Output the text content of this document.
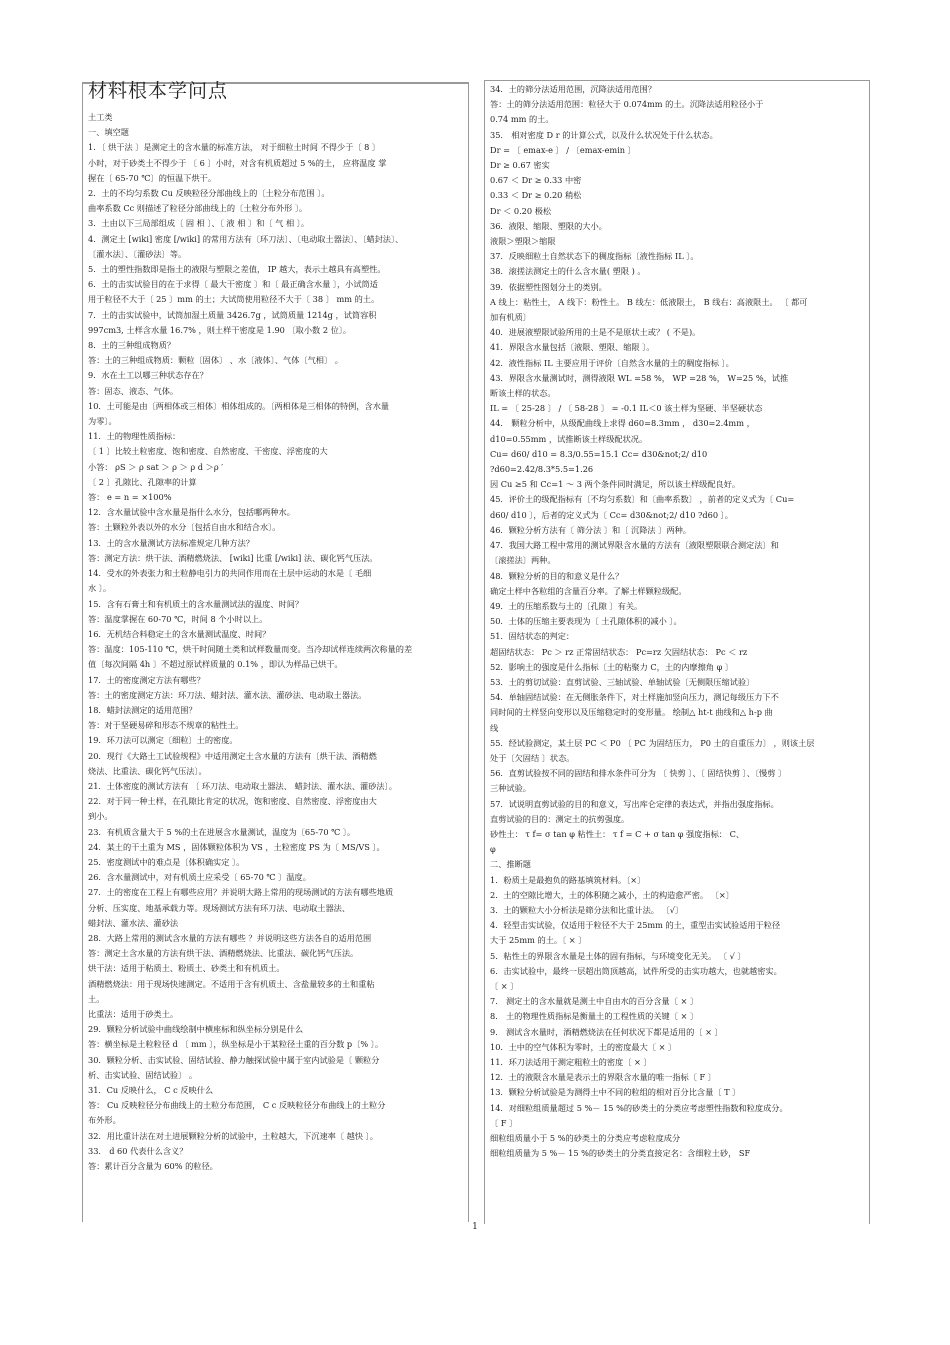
材料根本学问点
土工类
一、填空题
1．〔 烘干法 〕是测定土的含水量的标准方法， 对于细粒土时间 不得少于〔 8 〕
小时，对于砂类土不得少于 〔 6 〕小时，对含有机质超过 5 %的土， 应将温度 掌
握在〔 65-70 ℃〕的恒温下烘干。
2．土的不均匀系数 Cu 反映粒径分部曲线上的〔土粒分布范围 〕。
曲率系数 Cc 则描述了粒径分部曲线上的〔土粒分布外形 〕。
3．土由以下三局部组成〔 固 相 〕、〔 液 相 〕和〔 气 相 〕。
4．测定土 [wiki] 密度 [/wiki] 的常用方法有〔环刀法〕、〔电动取土器法〕、〔蜡封法〕、
〔灌水法〕、〔灌砂法〕等。
5．土的塑性指数即是指土的液限与塑限之差值， IP 越大，表示土越具有高塑性。
6．土的击实试验目的在于求得〔 最大干密度 〕和〔 最正确含水量 〕，小试筒适
用于粒径不大于〔 25 〕mm 的土；大试筒使用粒径不大于〔 38 〕 mm 的土。
7．土的击实试验中，试筒加湿土质量 3426.7g ，试筒质量 1214g ，试筒容积
997cm3, 土样含水量 16.7% ，则土样干密度是 1.90 〔取小数 2 位〕。
8．土的三种组成物质？
答：土的三种组成物质：颗粒〔固体〕 、水〔液体〕、气体〔气相〕 。
9．水在土工以哪三种状态存在？
答：固态、液态、气体。
10．土可能是由〔两相体或三相体〕相体组成的。〔两相体是三相体的特例，含水量
为零〕。
11．土的物理性质指标：
〔 1 〕比较土粒密度、饱和密度、自然密度、干密度、浮密度的大
小答： ρS ＞ ρ sat ＞ ρ ＞ ρ d ＞ρ ′
〔 2 〕孔隙比、孔隙率的计算
答： e = n = ×100%
12．含水量试验中含水量是指什么水分，包括哪两种水。
答：土颗粒外表以外的水分〔包括自由水和结合水〕。
13．土的含水量测试方法标准规定几种方法？
答：测定方法：烘干法、酒精燃烧法、 [wiki] 比重 [/wiki] 法、碳化钙气压法。
14．受水的外表张力和土粒静电引力的共同作用而在土层中运动的水是〔 毛细
水 〕。
15．含有石膏土和有机质土的含水量测试法的温度、时间？
答：温度掌握在 60-70 ℃，时间 8 个小时以上。
16．无机结合料稳定土的含水量测试温度、时间？
答：温度：105-110 ℃，烘干时间随土类和试样数量而变。当冷却试样连续两次称量的差
值〔每次间隔 4h 〕不超过原试样质量的 0.1% ，即认为样品已烘干。
17．土的密度测定方法有哪些？
答：土的密度测定方法：环刀法、蜡封法、灌水法、灌砂法、电动取土器法。
18．蜡封法测定的适用范围？
答：对于坚硬易碎和形态不规章的粘性土。
19．环刀法可以测定〔细粒〕土的密度。
20．现行《大路土工试验规程》中适用测定土含水量的方法有〔烘干法、酒精燃
烧法、比重法、碳化钙气压法〕。
21．土体密度的测试方法有 〔 环刀法、电动取土器法、 蜡封法、灌水法、灌砂法〕。
22．对于同一种土样，在孔隙比肯定的状况，饱和密度、自然密度、浮密度由大
到小。
23．有机质含量大于 5 %的土在进展含水量测试，温度为〔65-70 ℃ 〕。
24．某土的干土重为 MS ，固体颗粒体积为 VS ，土粒密度 PS 为〔 MS/VS 〕。
25．密度测试中的难点是〔体积确实定 〕。
26．含水量测试中，对有机质土应采受〔 65-70 ℃ 〕温度。
27．土的密度在工程上有哪些应用？并说明大路上常用的现场测试的方法有哪些地质
分析、压实度、地基承载力等。现场测试方法有环刀法、电动取土器法、
蜡封法、灌水法、灌砂法
28．大路上常用的测试含水量的方法有哪些 ？并说明这些方法各自的适用范围
答：测定土含水量的方法有烘干法、酒精燃烧法、比重法、碳化钙气压法。
烘干法：适用于粘质土、粉质土、砂类土和有机质土。
酒精燃烧法：用于现场快速测定。不适用于含有机质土、含盐量较多的土和重粘
土。
比重法：适用于砂类土。
29．颗粒分析试验中曲线绘制中横座标和纵坐标分别是什么
答：横坐标是土粒粒径 d 〔 mm 〕，纵坐标是小于某粒径土重的百分数 p〔% 〕。
30．颗粒分析、击实试验、固结试验、静力触探试验中属于室内试验是〔 颗粒分
析、击实试验、固结试验〕 。
31．Cu 反映什么， C c 反映什么
答： Cu 反映粒径分布曲线上的土粒分布范围， C c 反映粒径分布曲线上的土粒分
布外形。
32．用比重计法在对土进展颗粒分析的试验中，土粒越大，下沉速率〔 越快 〕。
33． d 60 代表什么含义？
答：累计百分含量为 60% 的粒径。
34．土的筛分法适用范围，沉降法适用范围？
答：土的筛分法适用范围：粒径大于 0.074mm 的土。沉降法适用粒径小于
0.74 mm 的土。
35． 相对密度 D r 的计算公式，以及什么状况处于什么状态。
Dr = 〔 emax-e 〕 / 〔emax-emin 〕
Dr ≥ 0.67 密实
0.67 ＜ Dr ≥ 0.33 中密
0.33 ＜ Dr ≥ 0.20 稍松
Dr ＜ 0.20 极松
36．液限、缩限、塑限的大小。
液限＞塑限＞缩限
37．反映细粒土自然状态下的稠度指标〔液性指标 IL 〕。
38．滚搓法测定土的什么含水量( 塑限 ) 。
39．依据塑性图划分土的类别。
A 线上：粘性土， A 线下：粉性土。 B 线左：低液限土， B 线右：高液限土。 〔 都可
加有机质〕
40．进展液塑限试验所用的土是不是原状土或？ ( 不是)。
41．界限含水量包括〔液限、塑限、缩限 〕。
42．液性指标 IL 主要应用于评价〔自然含水量的土的稠度指标 〕。
43．界限含水量测试时，测得液限 WL =58 %， WP =28 %， W=25 %，试推
断该土样的状态。
IL = 〔 25-28 〕 / 〔 58-28 〕 = -0.1 IL＜0 该土样为坚硬、半坚硬状态
44． 颗粒分析中，从级配曲线上求得 d60=8.3mm ， d30=2.4mm ，
d10=0.55mm ，试推断该土样级配状况。
Cu= d60/ d10 = 8.3/0.55=15.1 Cc= d30&not;2/ d10
?d60=2.42/8.3*5.5=1.26
因 Cu ≥5 和 Cc=1 ～ 3 两个条件同时满足，所以该土样级配良好。
45．评价土的级配指标有〔不均匀系数〕和〔曲率系数〕 ，前者的定义式为〔 Cu=
d60/ d10 〕，后者的定义式为〔 Cc= d30&not;2/ d10 ?d60 〕。
46．颗粒分析方法有〔 筛分法 〕和〔 沉降法 〕两种。
47．我国大路工程中常用的测试界限含水量的方法有〔液限塑限联合测定法〕和
〔滚搓法〕两种。
48．颗粒分析的目的和意义是什么？
确定土样中各粒组的含量百分率。了解土样颗粒级配。
49．土的压缩系数与土的〔孔隙 〕有关。
50．土体的压缩主要表现为〔 土孔隙体积的减小 〕。
51．固结状态的判定：
超固结状态： Pc ＞ rz 正常固结状态： Pc=rz 欠固结状态： Pc ＜ rz
52．影响土的强度是什么指标〔土的粘聚力 C，土的内摩擦角 φ 〕
53．土的剪切试验：直剪试验、三轴试验、单轴试验〔无侧限压缩试验〕
54．单轴固结试验：在无侧胀条件下，对土样施加竖向压力，测记每级压力下不
同时间的土样竖向变形以及压缩稳定时的变形量。 绘制△ ht-t 曲线和△ h-p 曲
线
55．经试验测定，某土层 PC ＜ P0 〔 PC 为固结压力， P0 土的自重压力〕 ，则该土层
处于〔欠固结 〕状态。
56．直剪试验按不同的固结和排水条件可分为 〔 快剪 〕、〔 固结快剪 〕、〔慢剪 〕
三种试验。
57．试说明直剪试验的目的和意义，写出库仑定律的表达式，并指出强度指标。
直剪试验的目的：测定土的抗剪强度。
砂性土： τ f= σ tan φ 粘性土： τ f = C + σ tan φ 强度指标： C、
φ
二、推断题
1．粉质土是最抱负的路基填筑材料。〔×〕
2．土的空隙比增大，土的体积随之减小，土的构造愈严密。 〔×〕
3．土的颗粒大小分析法是筛分法和比重计法。 〔√〕
4．轻型击实试验，仅适用于粒径不大于 25mm 的土，重型击实试验适用于粒径
大于 25mm 的土。〔 × 〕
5．粘性土的界限含水量是土体的固有指标，与环境变化无关。 〔 √ 〕
6．击实试验中，最终一层超出筒顶越高，试件所受的击实功越大，也就越密实。
〔 × 〕
7． 测定土的含水量就是测土中自由水的百分含量〔 × 〕
8． 土的物理性质指标是衡量土的工程性质的关键〔 × 〕
9． 测试含水量时，酒精燃烧法在任何状况下都是适用的〔 × 〕
10．土中的空气体积为零时，土的密度最大〔 × 〕
11．环刀法适用于测定粗粒土的密度〔 × 〕
12．土的液限含水量是表示土的界限含水量的唯一指标〔 F 〕
13．颗粒分析试验是为测得土中不同的粒组的相对百分比含量〔 T 〕
14．对细粒组质量超过 5 %－ 15 %的砂类土的分类应考虑塑性指数和粒度成分。
〔 F 〕
细粒组质量小于 5 %的砂类土的分类应考虑粒度成分
细粒组质量为 5 %－ 15 %的砂类土的分类直接定名：含细粒土砂， SF
1
